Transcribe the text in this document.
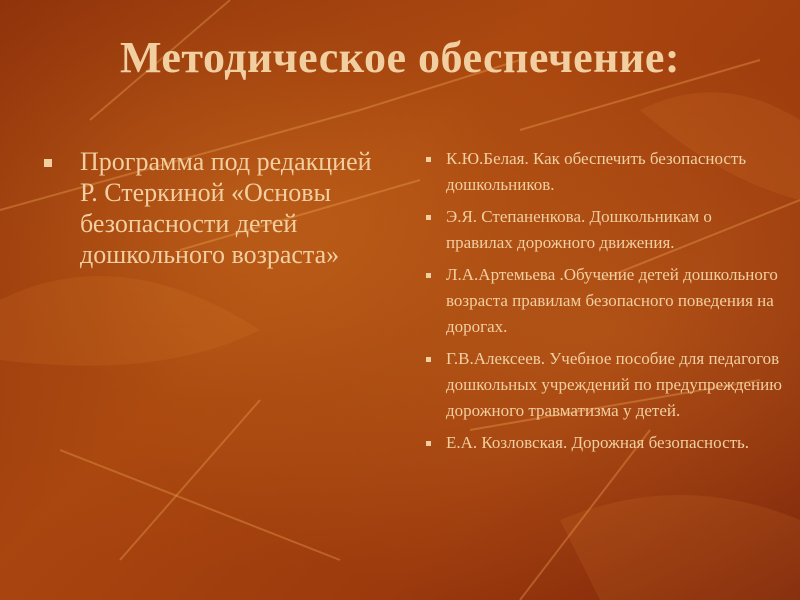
Методическое обеспечение:
Программа под редакцией Р. Стеркиной «Основы безопасности детей дошкольного возраста»
К.Ю.Белая. Как обеспечить безопасность дошкольников.
Э.Я. Степаненкова. Дошкольникам о правилах дорожного движения.
Л.А.Артемьева .Обучение детей дошкольного возраста правилам безопасного поведения на дорогах.
Г.В.Алексеев. Учебное пособие для педагогов дошкольных учреждений по предупреждению дорожного травматизма у детей.
Е.А. Козловская. Дорожная безопасность.
